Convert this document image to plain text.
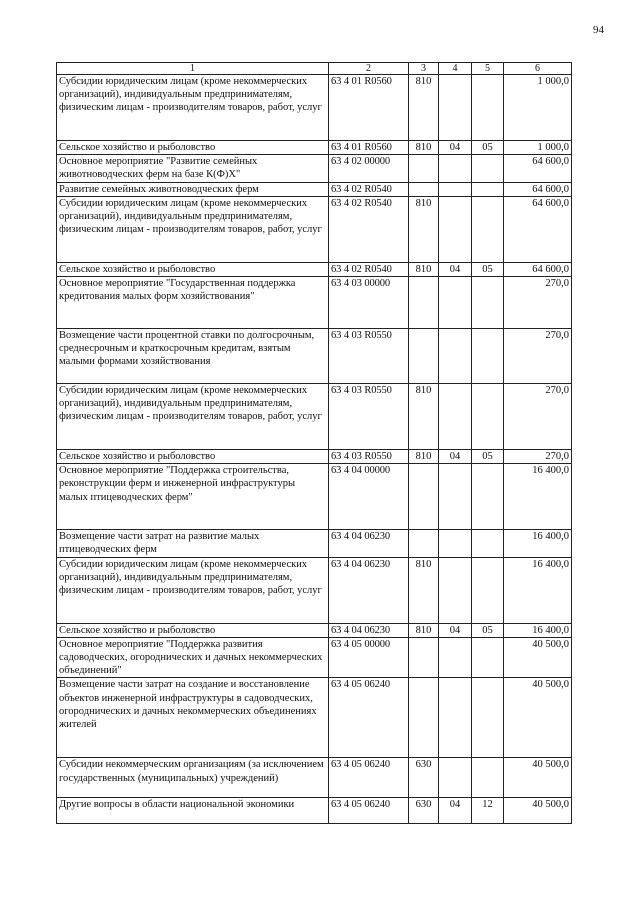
94
1	2	3	4	5	6
Субсидии юридическим лицам (кроме некоммерческих организаций), индивидуальным предпринимателям, физическим лицам - производителям товаров, работ, услуг	63 4 01 R0560	810			1 000,0
Сельское хозяйство и рыболовство	63 4 01 R0560	810	04	05	1 000,0
Основное мероприятие "Развитие семейных животноводческих ферм на базе К(Ф)Х"	63 4 02 00000				64 600,0
Развитие семейных животноводческих ферм	63 4 02 R0540				64 600,0
Субсидии юридическим лицам (кроме некоммерческих организаций), индивидуальным предпринимателям, физическим лицам - производителям товаров, работ, услуг	63 4 02 R0540	810			64 600,0
Сельское хозяйство и рыболовство	63 4 02 R0540	810	04	05	64 600,0
Основное мероприятие "Государственная поддержка кредитования малых форм хозяйствования"	63 4 03 00000				270,0
Возмещение части процентной ставки по долгосрочным, среднесрочным и краткосрочным кредитам, взятым малыми формами хозяйствования	63 4 03 R0550				270,0
Субсидии юридическим лицам (кроме некоммерческих организаций), индивидуальным предпринимателям, физическим лицам - производителям товаров, работ, услуг	63 4 03 R0550	810			270,0
Сельское хозяйство и рыболовство	63 4 03 R0550	810	04	05	270,0
Основное мероприятие "Поддержка строительства, реконструкции ферм и инженерной инфраструктуры малых птицеводческих ферм"	63 4 04 00000				16 400,0
Возмещение части затрат на развитие малых птицеводческих ферм	63 4 04 06230				16 400,0
Субсидии юридическим лицам (кроме некоммерческих организаций), индивидуальным предпринимателям, физическим лицам - производителям товаров, работ, услуг	63 4 04 06230	810			16 400,0
Сельское хозяйство и рыболовство	63 4 04 06230	810	04	05	16 400,0
Основное мероприятие "Поддержка развития садоводческих, огороднических и дачных некоммерческих объединений"	63 4 05 00000				40 500,0
Возмещение части затрат на создание и восстановление объектов инженерной инфраструктуры в садоводческих, огороднических и дачных некоммерческих объединениях жителей	63 4 05 06240				40 500,0
Субсидии некоммерческим организациям (за исключением государственных (муниципальных) учреждений)	63 4 05 06240	630			40 500,0
Другие вопросы в области национальной экономики	63 4 05 06240	630	04	12	40 500,0
